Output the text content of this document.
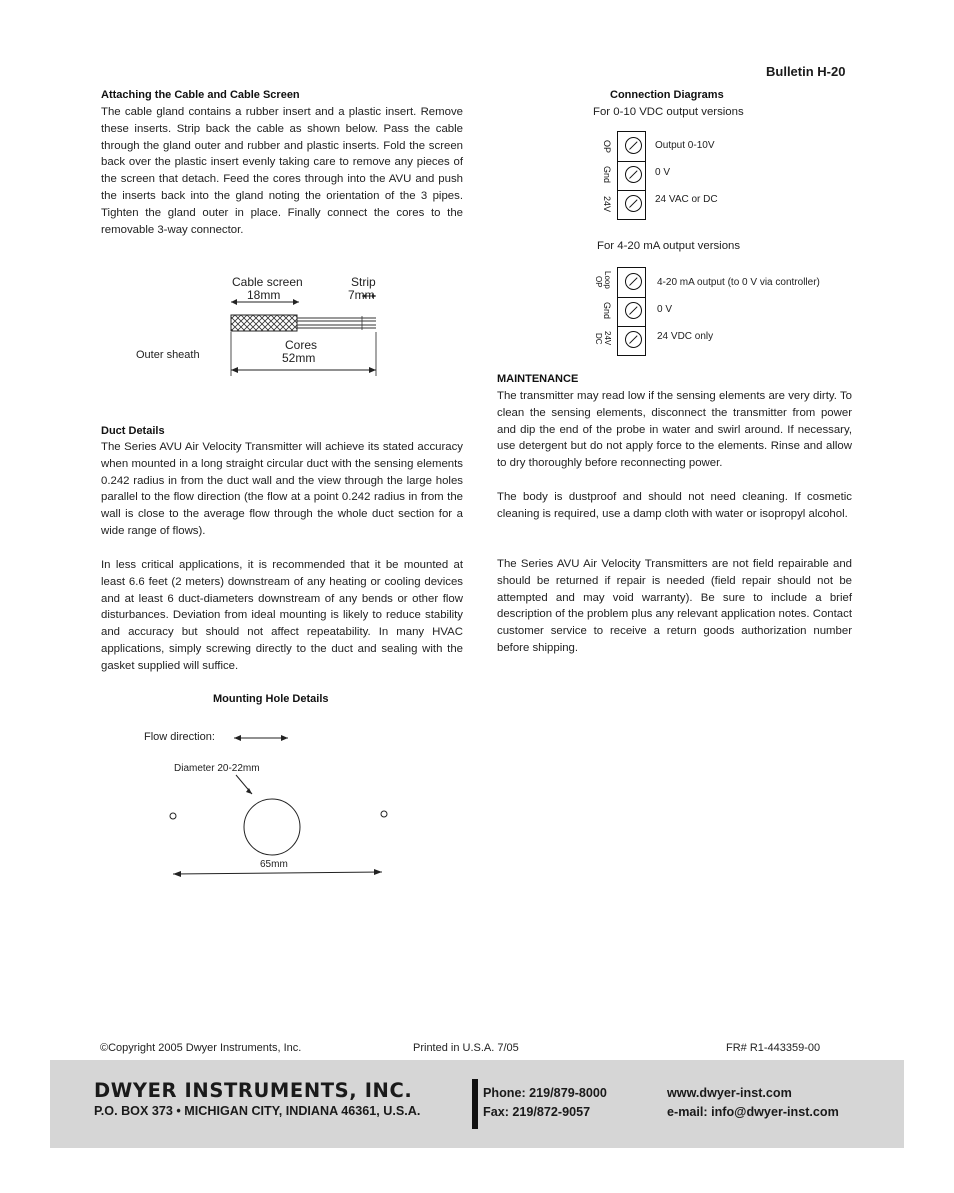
Bulletin H-20
Attaching the Cable and Cable Screen
The cable gland contains a rubber insert and a plastic insert. Remove these inserts. Strip back the cable as shown below. Pass the cable through the gland outer and rubber and plastic inserts. Fold the screen back over the plastic insert evenly taking care to remove any pieces of the screen that detach. Feed the cores through into the AVU and push the inserts back into the gland noting the orientation of the 3 pipes. Tighten the gland outer in place. Finally connect the cores to the removable 3-way connector.
Cable screen
18mm
Strip
7mm
Outer sheath
Cores
52mm
Duct Details
The Series AVU Air Velocity Transmitter will achieve its stated accuracy when mounted in a long straight circular duct with the sensing elements 0.242 radius in from the duct wall and the view through the large holes parallel to the flow direction (the flow at a point 0.242 radius in from the wall is close to the average flow through the whole duct section for a wide range of flows).
In less critical applications, it is recommended that it be mounted at least 6.6 feet (2 meters) downstream of any heating or cooling devices and at least 6 duct-diameters downstream of any bends or other flow disturbances. Deviation from ideal mounting is likely to reduce stability and accuracy but should not affect repeatability. In many HVAC applications, simply screwing directly to the duct and sealing with the gasket supplied will suffice.
Mounting Hole Details
Flow direction:
Diameter 20-22mm
65mm
Connection Diagrams
For 0-10 VDC output versions
OP
Gnd
24V
Output 0-10V
0 V
24 VAC or DC
For 4-20 mA output versions
Loop
OP
Gnd
24V
DC
4-20 mA output (to 0 V via controller)
0 V
24 VDC only
MAINTENANCE
The transmitter may read low if the sensing elements are very dirty. To clean the sensing elements, disconnect the transmitter from power and dip the end of the probe in water and swirl around. If necessary, use detergent but do not apply force to the elements. Rinse and allow to dry thoroughly before reconnecting power.
The body is dustproof and should not need cleaning. If cosmetic cleaning is required, use a damp cloth with water or isopropyl alcohol.
The Series AVU Air Velocity Transmitters are not field repairable and should be returned if repair is needed (field repair should not be attempted and may void warranty). Be sure to include a brief description of the problem plus any relevant application notes. Contact customer service to receive a return goods authorization number before shipping.
©Copyright 2005 Dwyer Instruments, Inc.	Printed in U.S.A. 7/05	FR# R1-443359-00
DWYER INSTRUMENTS, INC.
P.O. BOX 373 • MICHIGAN CITY, INDIANA 46361, U.S.A.
Phone: 219/879-8000
Fax: 219/872-9057
www.dwyer-inst.com
e-mail: info@dwyer-inst.com
